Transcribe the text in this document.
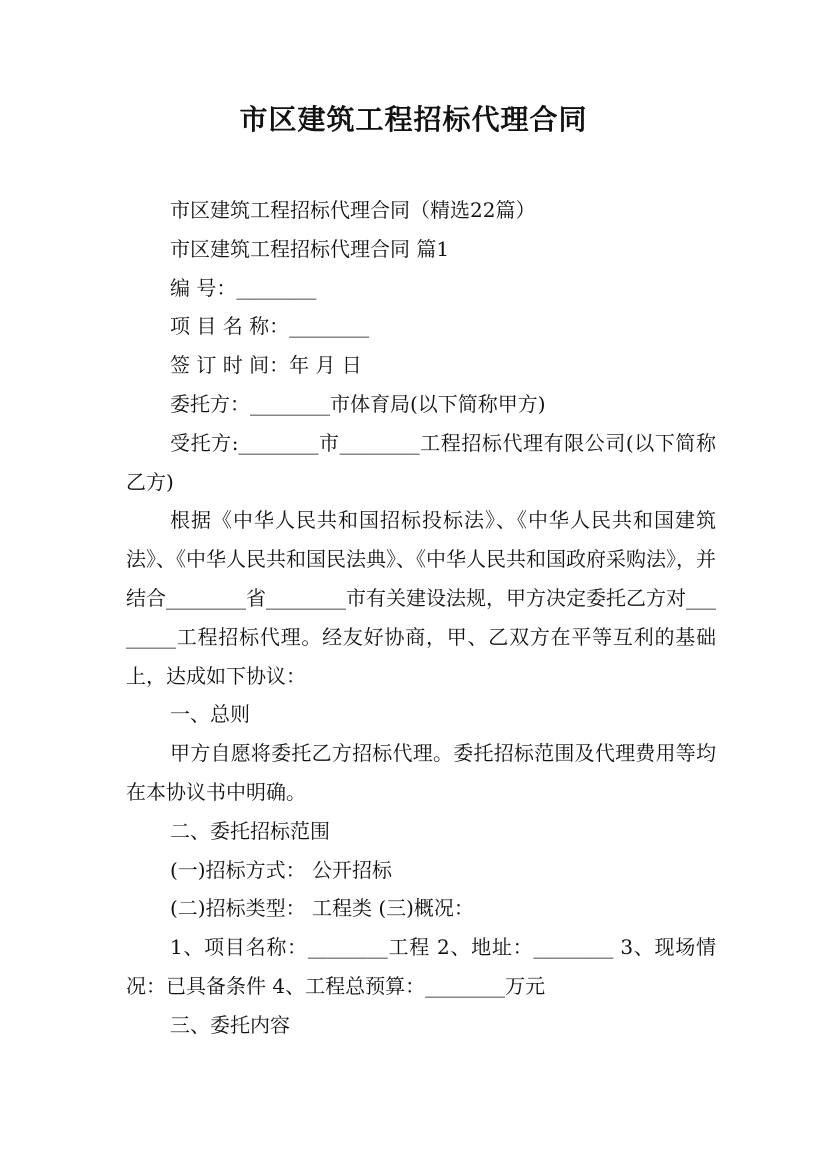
市区建筑工程招标代理合同

市区建筑工程招标代理合同（精选22篇）

市区建筑工程招标代理合同 篇1

编 号：________

项 目 名 称：________

签 订 时 间：年 月 日

委托方：________市体育局(以下简称甲方)

受托方:________市________工程招标代理有限公司(以下简称乙方)

根据《中华人民共和国招标投标法》、《中华人民共和国建筑法》、《中华人民共和国民法典》、《中华人民共和国政府采购法》，并结合________省________市有关建设法规，甲方决定委托乙方对________工程招标代理。经友好协商，甲、乙双方在平等互利的基础上，达成如下协议：

一、总则

甲方自愿将委托乙方招标代理。委托招标范围及代理费用等均在本协议书中明确。

二、委托招标范围

(一)招标方式： 公开招标

(二)招标类型： 工程类 (三)概况：

1、项目名称：________工程 2、地址：________ 3、现场情况：已具备条件 4、工程总预算：________万元

三、委托内容
